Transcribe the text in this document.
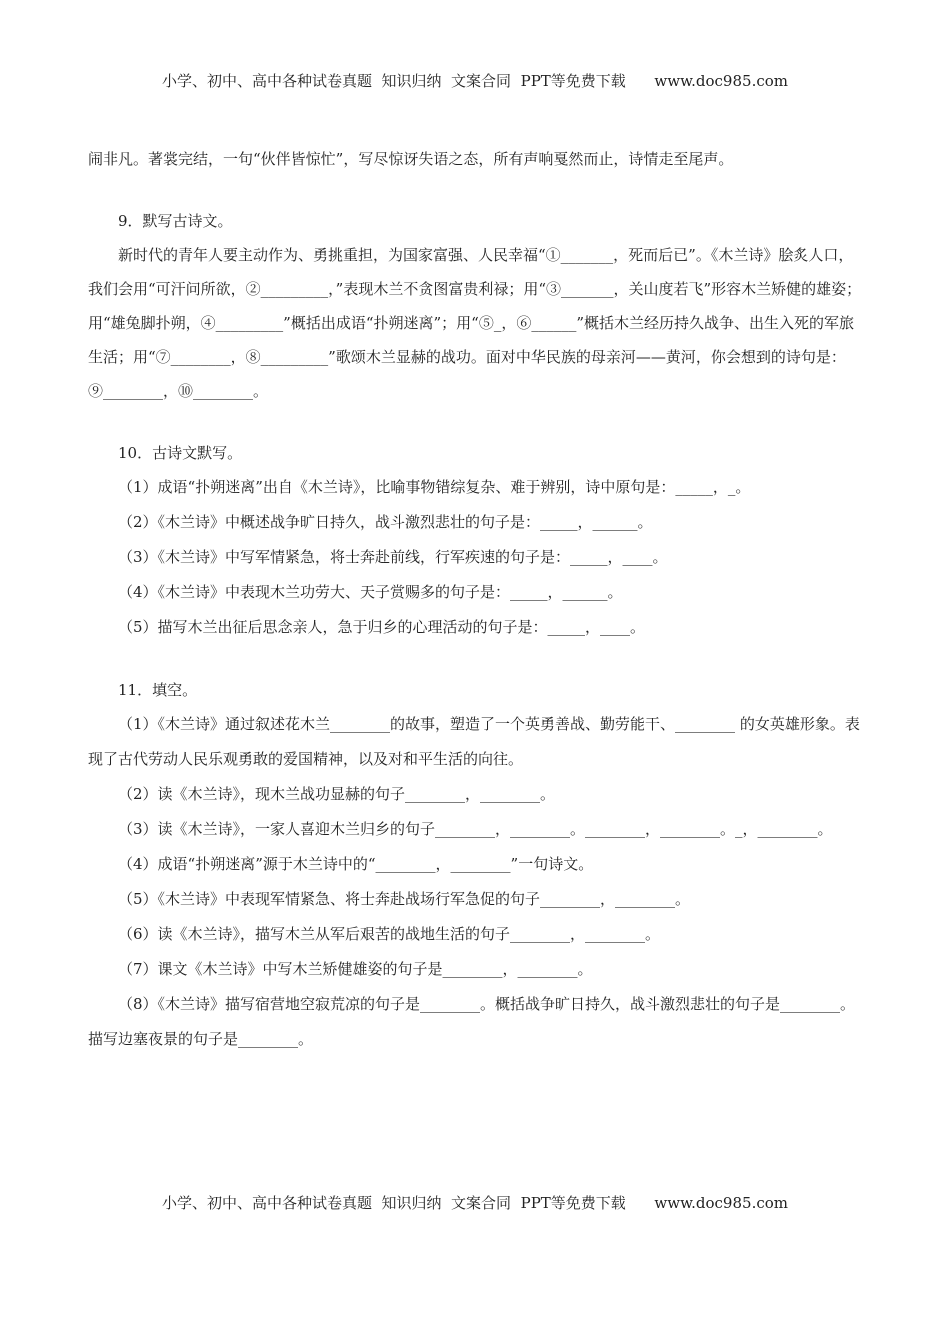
小学、初中、高中各种试卷真题  知识归纳  文案合同  PPT等免费下载      www.doc985.com

闹非凡。著裳完结，一句“伙伴皆惊忙”，写尽惊讶失语之态，所有声响戛然而止，诗情走至尾声。

9．默写古诗文。

新时代的青年人要主动作为、勇挑重担，为国家富强、人民幸福“①_______，死而后已”。《木兰诗》脍炙人口，我们会用“可汗问所欲，②_________，”表现木兰不贪图富贵利禄；用“③_______，关山度若飞”形容木兰矫健的雄姿；用“雄兔脚扑朔，④_________”概括出成语“扑朔迷离”；用“⑤_，⑥______”概括木兰经历持久战争、出生入死的军旅生活；用“⑦________，⑧_________”歌颂木兰显赫的战功。面对中华民族的母亲河——黄河，你会想到的诗句是：⑨________，⑩________。

10．古诗文默写。

（1）成语“扑朔迷离”出自《木兰诗》，比喻事物错综复杂、难于辨别，诗中原句是：_____，_。

（2）《木兰诗》中概述战争旷日持久，战斗激烈悲壮的句子是：_____，______。

（3）《木兰诗》中写军情紧急，将士奔赴前线，行军疾速的句子是：_____，____。

（4）《木兰诗》中表现木兰功劳大、天子赏赐多的句子是：_____，______。

（5）描写木兰出征后思念亲人，急于归乡的心理活动的句子是：_____，____。

11．填空。

（1）《木兰诗》通过叙述花木兰________的故事，塑造了一个英勇善战、勤劳能干、________ 的女英雄形象。表现了古代劳动人民乐观勇敢的爱国精神，以及对和平生活的向往。

（2）读《木兰诗》，现木兰战功显赫的句子________，________。

（3）读《木兰诗》，一家人喜迎木兰归乡的句子________，________。________，________。_，________。

（4）成语“扑朔迷离”源于木兰诗中的“________，________”一句诗文。

（5）《木兰诗》中表现军情紧急、将士奔赴战场行军急促的句子________，________。

（6）读《木兰诗》，描写木兰从军后艰苦的战地生活的句子________，________。

（7）课文《木兰诗》中写木兰矫健雄姿的句子是________，________。

（8）《木兰诗》描写宿营地空寂荒凉的句子是________。概括战争旷日持久，战斗激烈悲壮的句子是________。描写边塞夜景的句子是________。

小学、初中、高中各种试卷真题  知识归纳  文案合同  PPT等免费下载      www.doc985.com
